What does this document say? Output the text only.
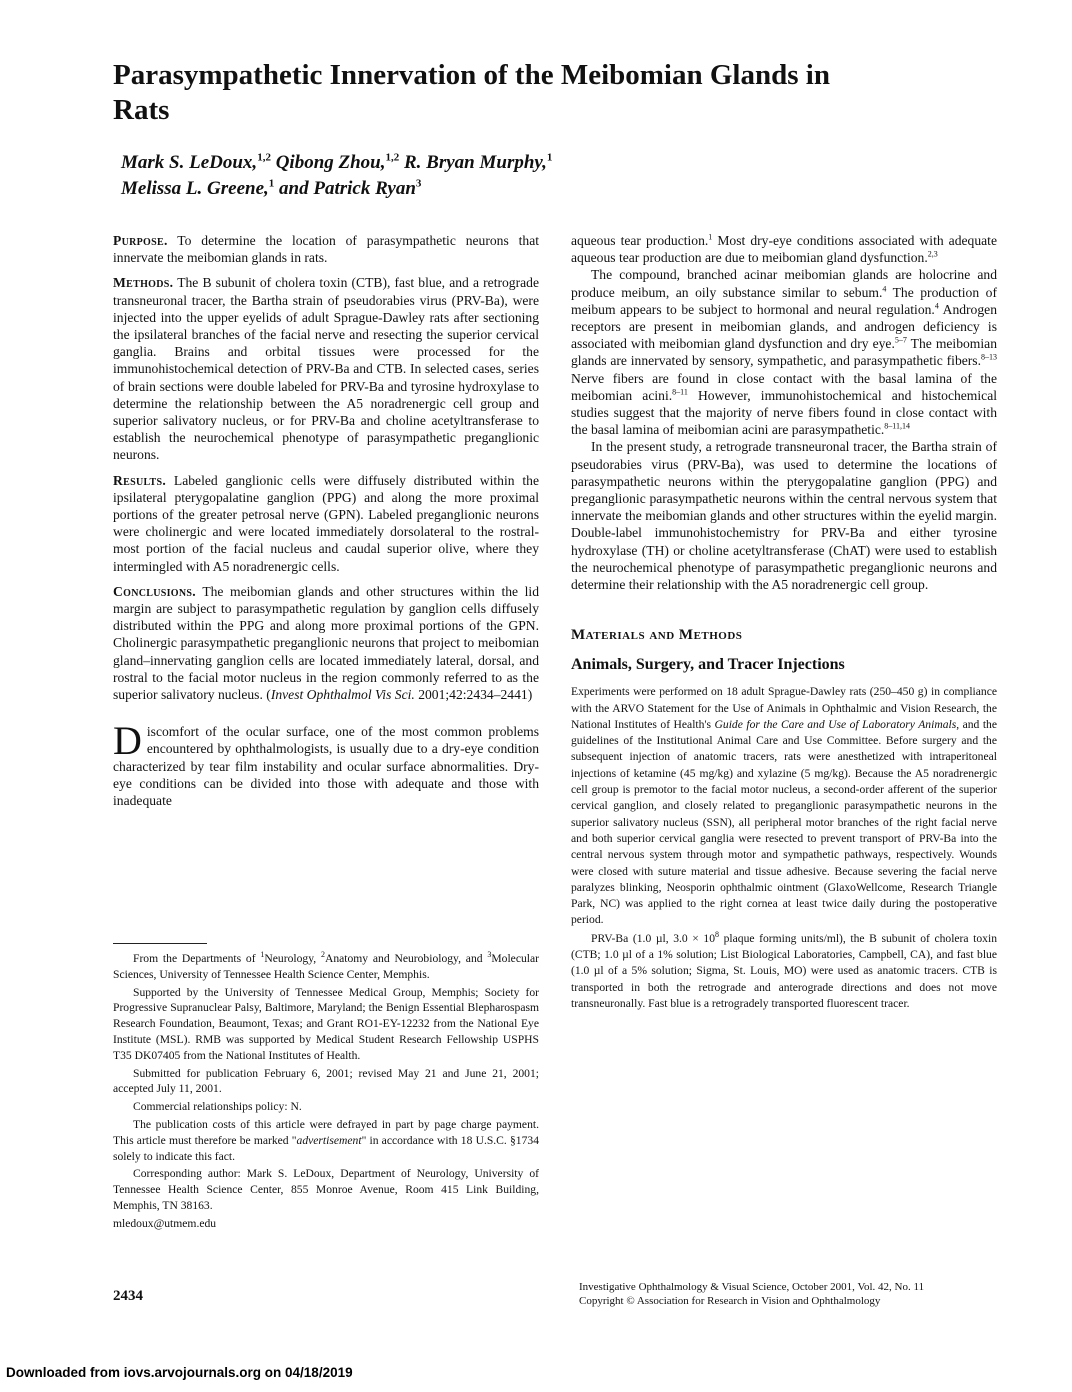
Parasympathetic Innervation of the Meibomian Glands in Rats
Mark S. LeDoux,$^{1,2}$ Qibong Zhou,$^{1,2}$ R. Bryan Murphy,$^1$
Melissa L. Greene,$^1$ and Patrick Ryan$^3$

Purpose. To determine the location of parasympathetic neurons that innervate the meibomian glands in rats.

Methods. The B subunit of cholera toxin (CTB), fast blue, and a retrograde transneuronal tracer, the Bartha strain of pseudorabies virus (PRV-Ba), were injected into the upper eyelids of adult Sprague-Dawley rats after sectioning the ipsilateral branches of the facial nerve and resecting the superior cervical ganglia. Brains and orbital tissues were processed for the immunohistochemical detection of PRV-Ba and CTB. In selected cases, series of brain sections were double labeled for PRV-Ba and tyrosine hydroxylase to determine the relationship between the A5 noradrenergic cell group and superior salivatory nucleus, or for PRV-Ba and choline acetyltransferase to establish the neurochemical phenotype of parasympathetic preganglionic neurons.

Results. Labeled ganglionic cells were diffusely distributed within the ipsilateral pterygopalatine ganglion (PPG) and along the more proximal portions of the greater petrosal nerve (GPN). Labeled preganglionic neurons were cholinergic and were located immediately dorsolateral to the rostral-most portion of the facial nucleus and caudal superior olive, where they intermingled with A5 noradrenergic cells.

Conclusions. The meibomian glands and other structures within the lid margin are subject to parasympathetic regulation by ganglion cells diffusely distributed within the PPG and along more proximal portions of the GPN. Cholinergic parasympathetic preganglionic neurons that project to meibomian gland–innervating ganglion cells are located immediately lateral, dorsal, and rostral to the facial motor nucleus in the region commonly referred to as the superior salivatory nucleus. (Invest Ophthalmol Vis Sci. 2001;42:2434–2441)

Discomfort of the ocular surface, one of the most common problems encountered by ophthalmologists, is usually due to a dry-eye condition characterized by tear film instability and ocular surface abnormalities. Dry-eye conditions can be divided into those with adequate and those with inadequate

From the Departments of $^1$Neurology, $^2$Anatomy and Neurobiology, and $^3$Molecular Sciences, University of Tennessee Health Science Center, Memphis.

Supported by the University of Tennessee Medical Group, Memphis; Society for Progressive Supranuclear Palsy, Baltimore, Maryland; the Benign Essential Blepharospasm Research Foundation, Beaumont, Texas; and Grant RO1-EY-12232 from the National Eye Institute (MSL). RMB was supported by Medical Student Research Fellowship USPHS T35 DK07405 from the National Institutes of Health.

Submitted for publication February 6, 2001; revised May 21 and June 21, 2001; accepted July 11, 2001.

Commercial relationships policy: N.

The publication costs of this article were defrayed in part by page charge payment. This article must therefore be marked "advertisement" in accordance with 18 U.S.C. §1734 solely to indicate this fact.

Corresponding author: Mark S. LeDoux, Department of Neurology, University of Tennessee Health Science Center, 855 Monroe Avenue, Room 415 Link Building, Memphis, TN 38163.

mledoux@utmem.edu

aqueous tear production.$^1$ Most dry-eye conditions associated with adequate aqueous tear production are due to meibomian gland dysfunction.$^{2,3}$

The compound, branched acinar meibomian glands are holocrine and produce meibum, an oily substance similar to sebum.$^4$ The production of meibum appears to be subject to hormonal and neural regulation.$^4$ Androgen receptors are present in meibomian glands, and androgen deficiency is associated with meibomian gland dysfunction and dry eye.$^{5-7}$ The meibomian glands are innervated by sensory, sympathetic, and parasympathetic fibers.$^{8-13}$ Nerve fibers are found in close contact with the basal lamina of the meibomian acini.$^{8-11}$ However, immunohistochemical and histochemical studies suggest that the majority of nerve fibers found in close contact with the basal lamina of meibomian acini are parasympathetic.$^{8-11,14}$

In the present study, a retrograde transneuronal tracer, the Bartha strain of pseudorabies virus (PRV-Ba), was used to determine the locations of parasympathetic neurons within the pterygopalatine ganglion (PPG) and preganglionic parasympathetic neurons within the central nervous system that innervate the meibomian glands and other structures within the eyelid margin. Double-label immunohistochemistry for PRV-Ba and either tyrosine hydroxylase (TH) or choline acetyltransferase (ChAT) were used to establish the neurochemical phenotype of parasympathetic preganglionic neurons and determine their relationship with the A5 noradrenergic cell group.

Materials and Methods
Animals, Surgery, and Tracer Injections

Experiments were performed on 18 adult Sprague-Dawley rats (250–450 g) in compliance with the ARVO Statement for the Use of Animals in Ophthalmic and Vision Research, the National Institutes of Health's Guide for the Care and Use of Laboratory Animals, and the guidelines of the Institutional Animal Care and Use Committee. Before surgery and the subsequent injection of anatomic tracers, rats were anesthetized with intraperitoneal injections of ketamine (45 mg/kg) and xylazine (5 mg/kg). Because the A5 noradrenergic cell group is premotor to the facial motor nucleus, a second-order afferent of the superior cervical ganglion, and closely related to preganglionic parasympathetic neurons in the superior salivatory nucleus (SSN), all peripheral motor branches of the right facial nerve and both superior cervical ganglia were resected to prevent transport of PRV-Ba into the central nervous system through motor and sympathetic pathways, respectively. Wounds were closed with suture material and tissue adhesive. Because severing the facial nerve paralyzes blinking, Neosporin ophthalmic ointment (GlaxoWellcome, Research Triangle Park, NC) was applied to the right cornea at least twice daily during the postoperative period.

PRV-Ba (1.0 µl, $3.0 \times 10^8$ plaque forming units/ml), the B subunit of cholera toxin (CTB; 1.0 µl of a 1% solution; List Biological Laboratories, Campbell, CA), and fast blue (1.0 µl of a 5% solution; Sigma, St. Louis, MO) were used as anatomic tracers. CTB is transported in both the retrograde and anterograde directions and does not move transneuronally. Fast blue is a retrogradely transported fluorescent tracer.

2434
Investigative Ophthalmology & Visual Science, October 2001, Vol. 42, No. 11
Copyright © Association for Research in Vision and Ophthalmology
Downloaded from iovs.arvojournals.org on 04/18/2019
